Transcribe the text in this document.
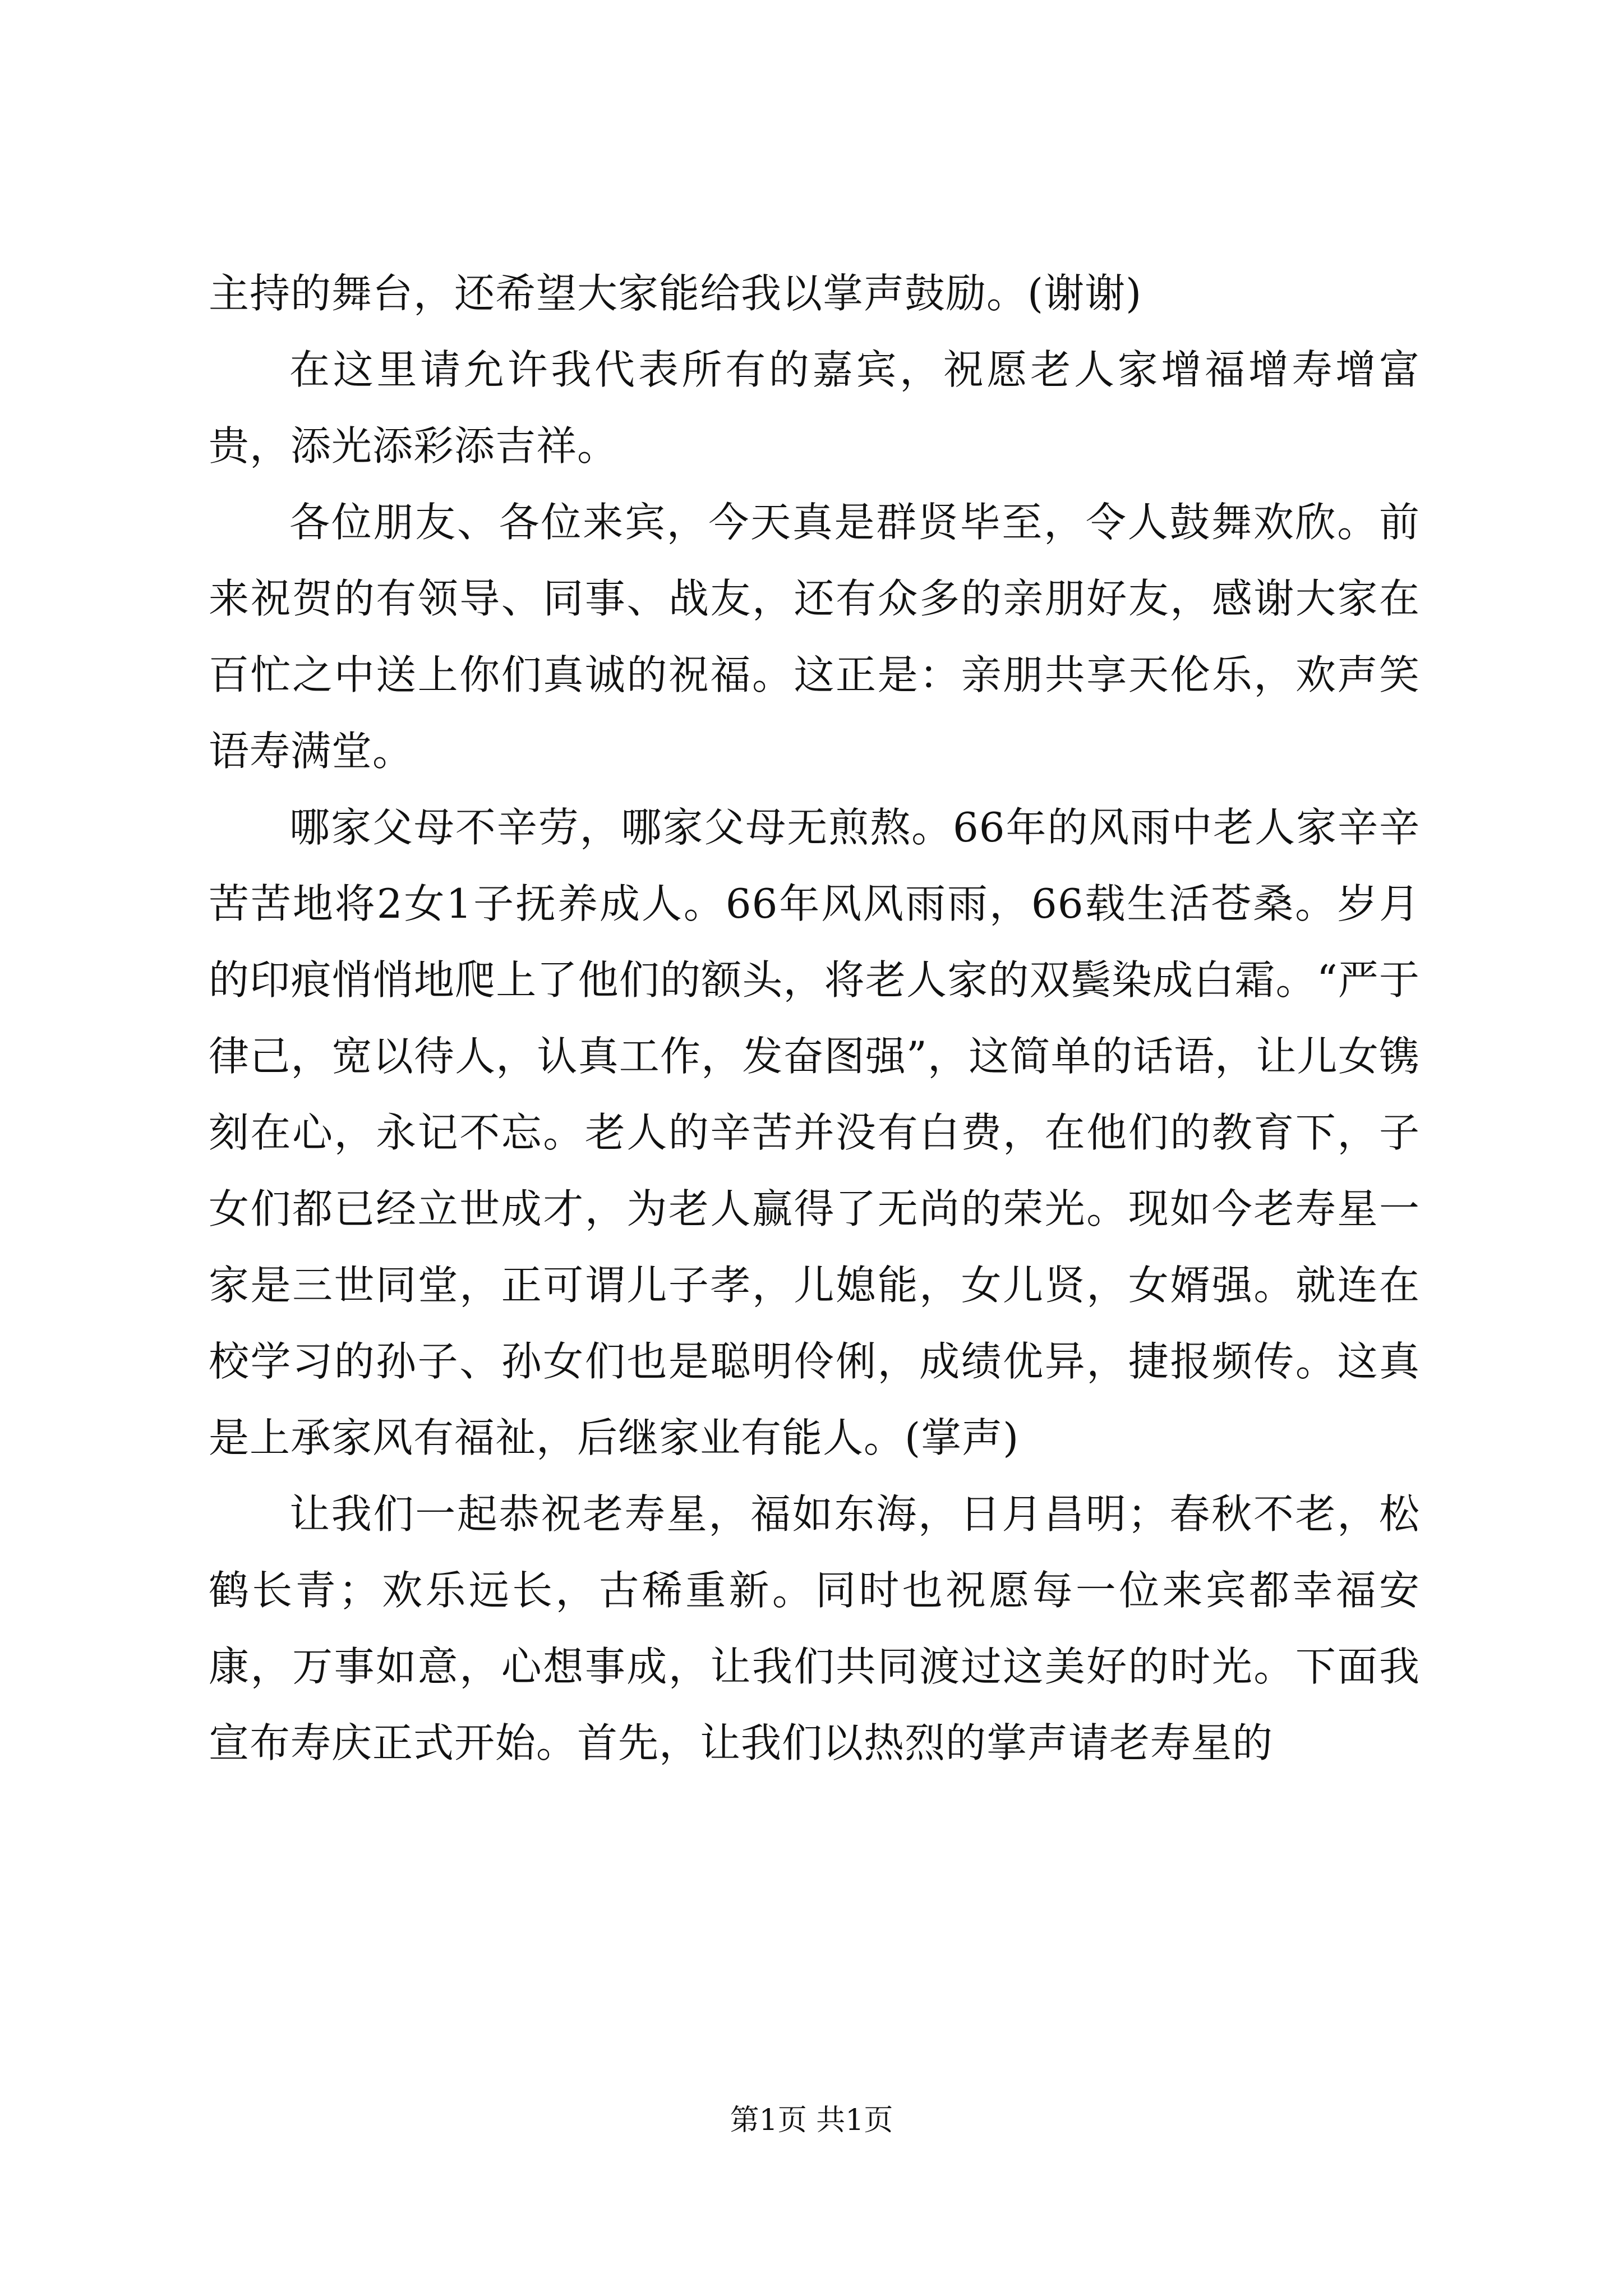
主持的舞台，还希望大家能给我以掌声鼓励。(谢谢)

在这里请允许我代表所有的嘉宾，祝愿老人家增福增寿增富贵，添光添彩添吉祥。

各位朋友、各位来宾，今天真是群贤毕至，令人鼓舞欢欣。前来祝贺的有领导、同事、战友，还有众多的亲朋好友，感谢大家在百忙之中送上你们真诚的祝福。这正是：亲朋共享天伦乐，欢声笑语寿满堂。

哪家父母不辛劳，哪家父母无煎熬。66年的风雨中老人家辛辛苦苦地将2女1子抚养成人。66年风风雨雨，66载生活苍桑。岁月的印痕悄悄地爬上了他们的额头，将老人家的双鬓染成白霜。“严于律己，宽以待人，认真工作，发奋图强”，这简单的话语，让儿女镌刻在心，永记不忘。老人的辛苦并没有白费，在他们的教育下，子女们都已经立世成才，为老人赢得了无尚的荣光。现如今老寿星一家是三世同堂，正可谓儿子孝，儿媳能，女儿贤，女婿强。就连在校学习的孙子、孙女们也是聪明伶俐，成绩优异，捷报频传。这真是上承家风有福祉，后继家业有能人。(掌声)

让我们一起恭祝老寿星，福如东海，日月昌明；春秋不老，松鹤长青；欢乐远长，古稀重新。同时也祝愿每一位来宾都幸福安康，万事如意，心想事成，让我们共同渡过这美好的时光。下面我宣布寿庆正式开始。首先，让我们以热烈的掌声请老寿星的

第1页 共1页
